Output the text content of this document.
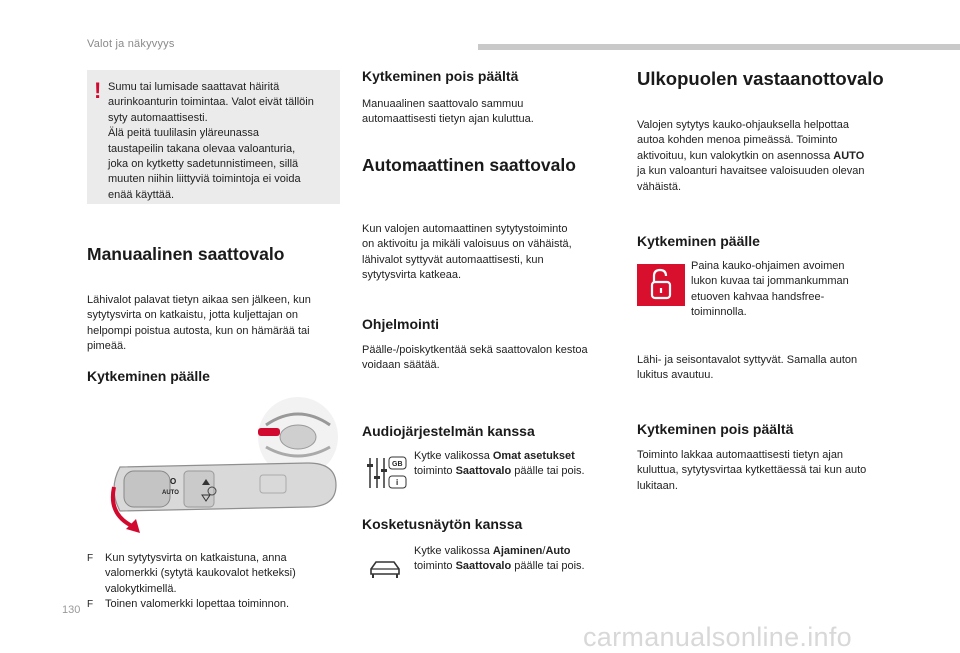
Valot ja näkyvyys
! Sumu tai lumisade saattavat häiritä
aurinkoanturin toimintaa. Valot eivät tällöin
syty automaattisesti.
Älä peitä tuulilasin yläreunassa
taustapeilin takana olevaa valoanturia,
joka on kytketty sadetunnistimeen, sillä
muuten niihin liittyviä toimintoja ei voida
enää käyttää.
Manuaalinen saattovalo
Lähivalot palavat tietyn aikaa sen jälkeen, kun
sytytysvirta on katkaistu, jotta kuljettajan on
helpompi poistua autosta, kun on hämärää tai
pimeää.
Kytkeminen päälle
O
AUTO
F	Kun sytytysvirta on katkaistuna, anna
valomerkki (sytytä kaukovalot hetkeksi)
valokytkimellä.
F	Toinen valomerkki lopettaa toiminnon.
Kytkeminen pois päältä
Manuaalinen saattovalo sammuu
automaattisesti tietyn ajan kuluttua.
Automaattinen saattovalo
Kun valojen automaattinen sytytystoiminto
on aktivoitu ja mikäli valoisuus on vähäistä,
lähivalot syttyvät automaattisesti, kun
sytytysvirta katkeaa.
Ohjelmointi
Päälle-/poiskytkentää sekä saattovalon kestoa
voidaan säätää.
Audiojärjestelmän kanssa
GB
i
Kytke valikossa Omat asetukset
toiminto Saattovalo päälle tai pois.
Kosketusnäytön kanssa
Kytke valikossa Ajaminen/Auto
toiminto Saattovalo päälle tai pois.
Ulkopuolen vastaanottovalo
Valojen sytytys kauko-ohjauksella helpottaa
autoa kohden menoa pimeässä. Toiminto
aktivoituu, kun valokytkin on asennossa AUTO
ja kun valoanturi havaitsee valoisuuden olevan
vähäistä.
Kytkeminen päälle
Paina kauko-ohjaimen avoimen
lukon kuvaa tai jommankumman
etuoven kahvaa handsfree-
toiminnolla.
Lähi- ja seisontavalot syttyvät. Samalla auton
lukitus avautuu.
Kytkeminen pois päältä
Toiminto lakkaa automaattisesti tietyn ajan
kuluttua, sytytysvirtaa kytkettäessä tai kun auto
lukitaan.
130
carmanualsonline.info
